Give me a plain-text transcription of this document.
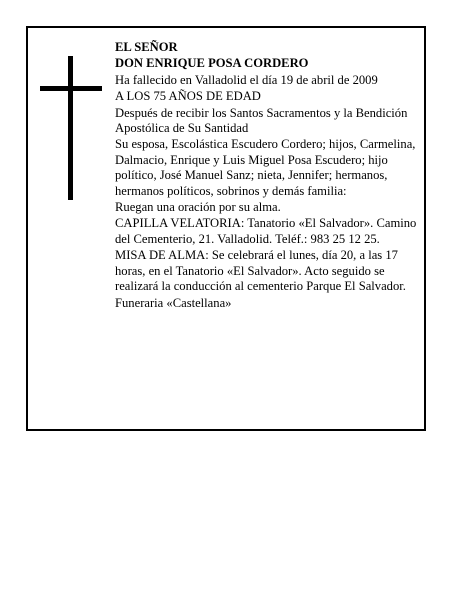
EL SEÑOR

DON ENRIQUE POSA CORDERO

Ha fallecido en Valladolid el día 19 de abril de 2009

A LOS 75 AÑOS DE EDAD

Después de recibir los Santos Sacramentos y la Bendición Apostólica de Su Santidad

Su esposa, Escolástica Escudero Cordero; hijos, Carmelina, Dalmacio, Enrique y Luis Miguel Posa Escudero; hijo político, José Manuel Sanz; nieta, Jennifer; hermanos, hermanos políticos, sobrinos y demás familia:

Ruegan una oración por su alma.

CAPILLA VELATORIA: Tanatorio «El Salvador». Camino del Cementerio, 21. Valladolid. Teléf.: 983 25 12 25.

MISA DE ALMA: Se celebrará el lunes, día 20, a las 17 horas, en el Tanatorio «El Salvador». Acto seguido se realizará la conducción al cementerio Parque El Salvador.

Funeraria «Castellana»
